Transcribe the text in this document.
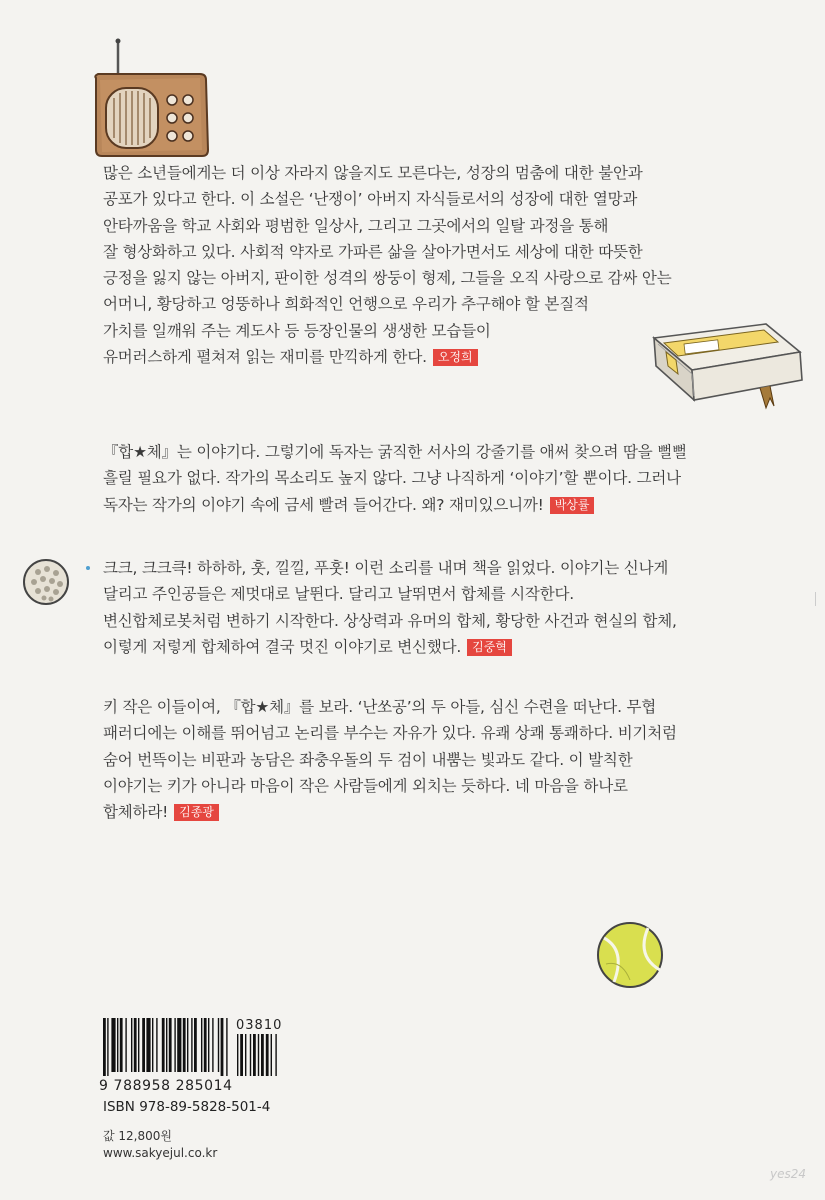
많은 소년들에게는 더 이상 자라지 않을지도 모른다는, 성장의 멈춤에 대한 불안과
공포가 있다고 한다. 이 소설은 ‘난쟁이’ 아버지 자식들로서의 성장에 대한 열망과
안타까움을 학교 사회와 평범한 일상사, 그리고 그곳에서의 일탈 과정을 통해
잘 형상화하고 있다. 사회적 약자로 가파른 삶을 살아가면서도 세상에 대한 따뜻한
긍정을 잃지 않는 아버지, 판이한 성격의 쌍둥이 형제, 그들을 오직 사랑으로 감싸 안는
어머니, 황당하고 엉뚱하나 희화적인 언행으로 우리가 추구해야 할 본질적
가치를 일깨워 주는 계도사 등 등장인물의 생생한 모습들이
유머러스하게 펼쳐져 읽는 재미를 만끽하게 한다. 오정희
『합★체』는 이야기다. 그렇기에 독자는 굵직한 서사의 강줄기를 애써 찾으려 땀을 뻘뻘
흘릴 필요가 없다. 작가의 목소리도 높지 않다. 그냥 나직하게 ‘이야기’할 뿐이다. 그러나
독자는 작가의 이야기 속에 금세 빨려 들어간다. 왜? 재미있으니까! 박상률
크크, 크크큭! 하하하, 훗, 낄낄, 푸훗! 이런 소리를 내며 책을 읽었다. 이야기는 신나게
달리고 주인공들은 제멋대로 날뛴다. 달리고 날뛰면서 합체를 시작한다.
변신합체로봇처럼 변하기 시작한다. 상상력과 유머의 합체, 황당한 사건과 현실의 합체,
이렇게 저렇게 합체하여 결국 멋진 이야기로 변신했다. 김중혁
키 작은 이들이여, 『합★체』를 보라. ‘난쏘공’의 두 아들, 심신 수련을 떠난다. 무협
패러디에는 이해를 뛰어넘고 논리를 부수는 자유가 있다. 유쾌 상쾌 통쾌하다. 비기처럼
숨어 번뜩이는 비판과 농담은 좌충우돌의 두 검이 내뿜는 빛과도 같다. 이 발칙한
이야기는 키가 아니라 마음이 작은 사람들에게 외치는 듯하다. 네 마음을 하나로
합체하라! 김종광
03810
9 788958 285014
ISBN 978-89-5828-501-4
값 12,800원
www.sakyejul.co.kr
yes24
